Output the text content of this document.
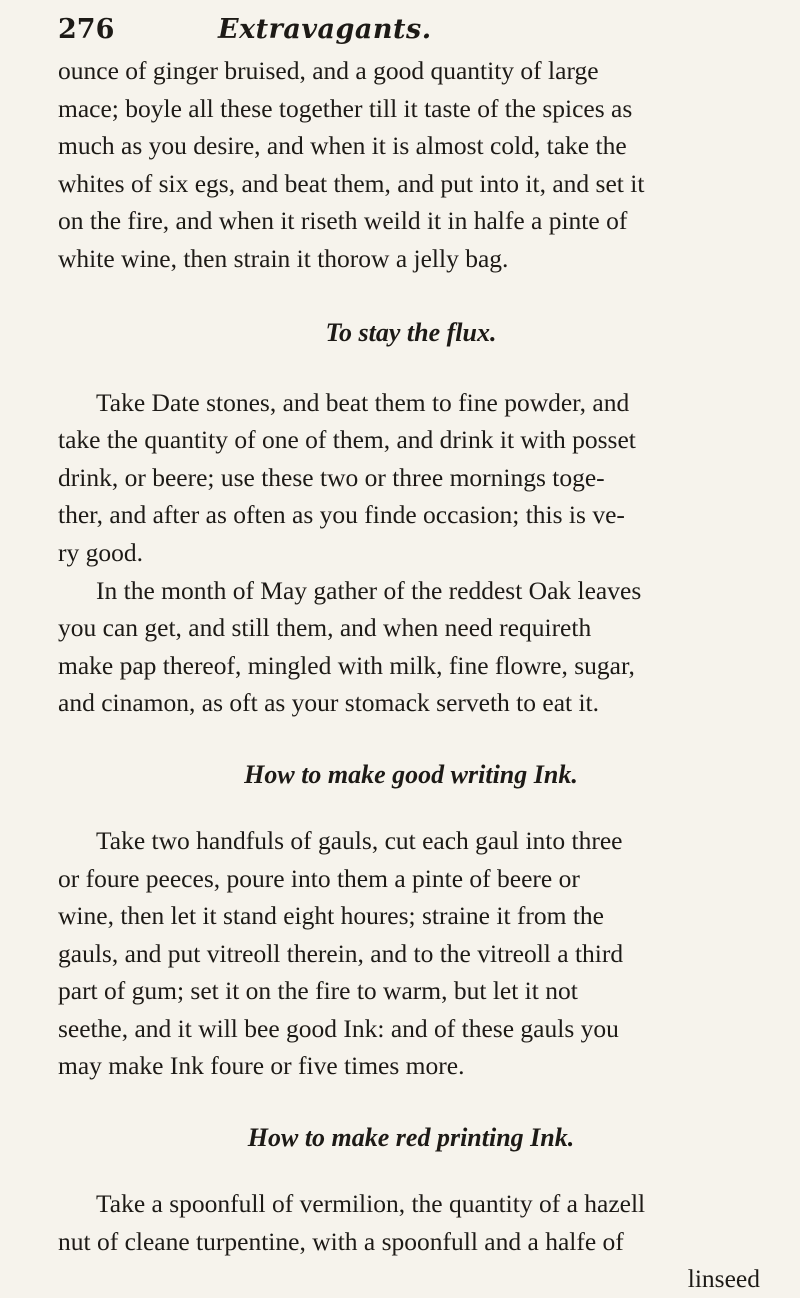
276	Extravagants.

ounce of ginger bruised, and a good quantity of large
mace; boyle all these together till it taste of the spices as
much as you desire, and when it is almost cold, take the
whites of six egs, and beat them, and put into it, and set it
on the fire, and when it riseth weild it in halfe a pinte of
white wine, then strain it thorow a jelly bag.

To stay the flux.

Take Date stones, and beat them to fine powder, and
take the quantity of one of them, and drink it with posset
drink, or beere; use these two or three mornings toge-
ther, and after as often as you finde occasion; this is ve-
ry good.

In the month of May gather of the reddest Oak leaves
you can get, and still them, and when need requireth
make pap thereof, mingled with milk, fine flowre, sugar,
and cinamon, as oft as your stomack serveth to eat it.

How to make good writing Ink.

Take two handfuls of gauls, cut each gaul into three
or foure peeces, poure into them a pinte of beere or
wine, then let it stand eight houres; straine it from the
gauls, and put vitreoll therein, and to the vitreoll a third
part of gum; set it on the fire to warm, but let it not
seethe, and it will bee good Ink: and of these gauls you
may make Ink foure or five times more.

How to make red printing Ink.

Take a spoonfull of vermilion, the quantity of a hazell
nut of cleane turpentine, with a spoonfull and a halfe of
linseed
